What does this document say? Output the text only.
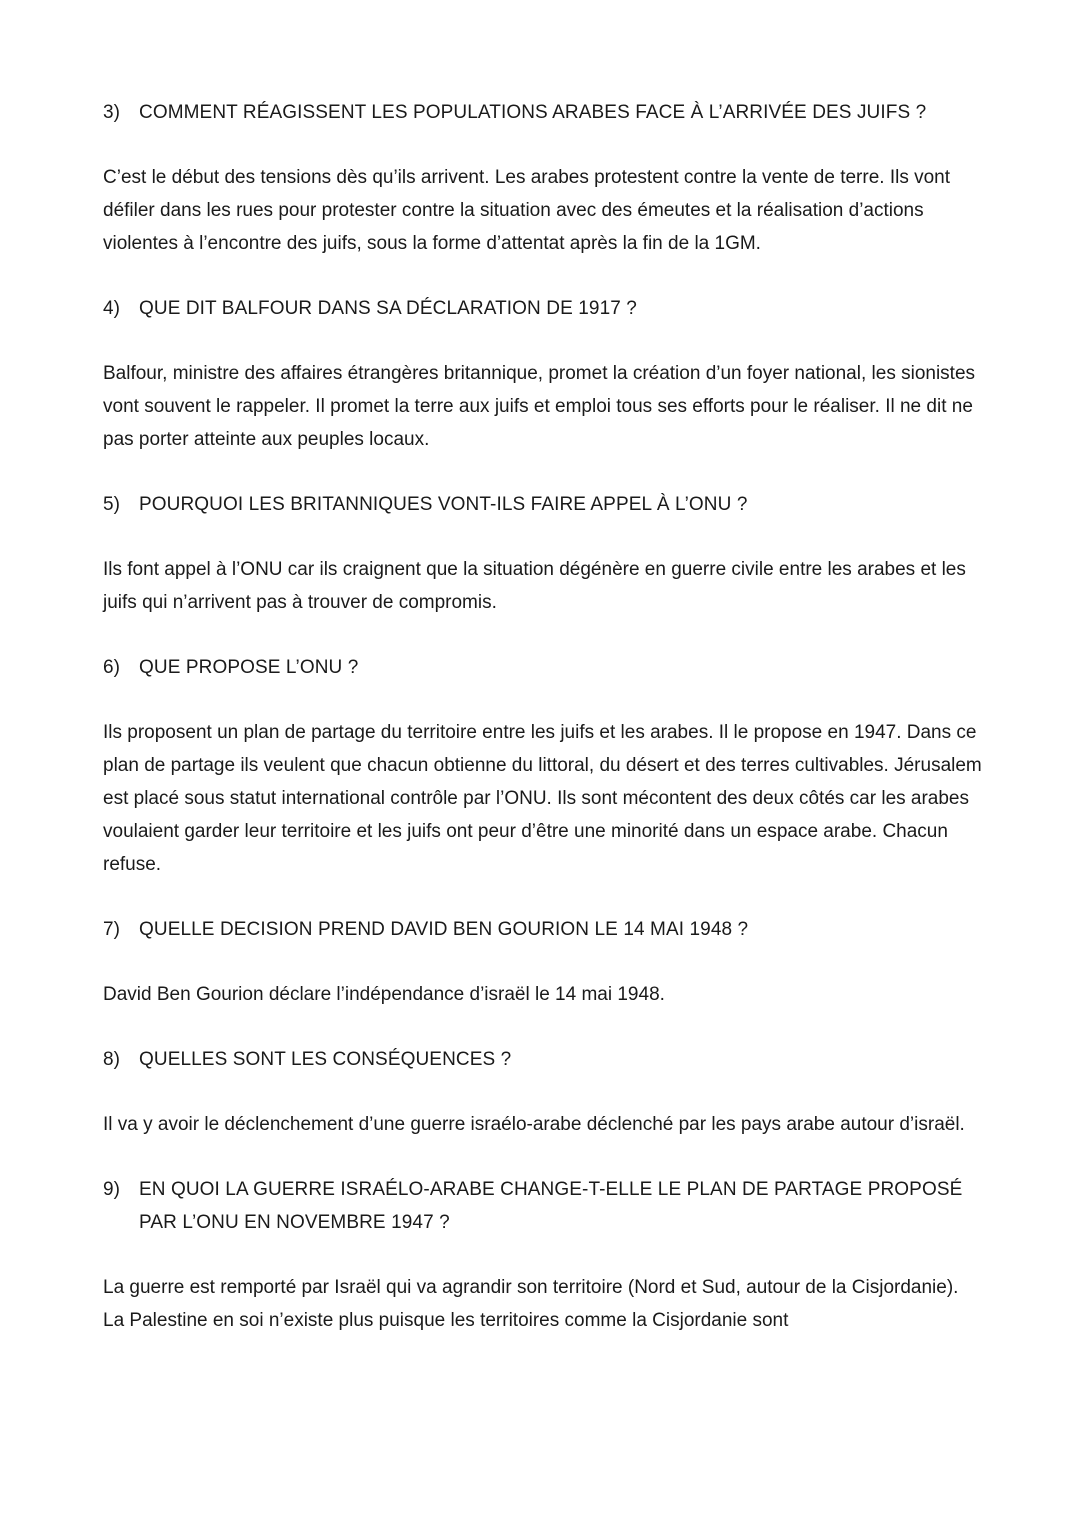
3) COMMENT RÉAGISSENT LES POPULATIONS ARABES FACE À L’ARRIVÉE DES JUIFS ?

C’est le début des tensions dès qu’ils arrivent. Les arabes protestent contre la vente de terre. Ils vont défiler dans les rues pour protester contre la situation avec des émeutes et la réalisation d’actions violentes à l’encontre des juifs, sous la forme d’attentat après la fin de la 1GM.

4) QUE DIT BALFOUR DANS SA DÉCLARATION DE 1917 ?

Balfour, ministre des affaires étrangères britannique, promet la création d’un foyer national, les sionistes vont souvent le rappeler. Il promet la terre aux juifs et emploi tous ses efforts pour le réaliser. Il ne dit ne pas porter atteinte aux peuples locaux.

5) POURQUOI LES BRITANNIQUES VONT-ILS FAIRE APPEL À L’ONU ?

Ils font appel à l’ONU car ils craignent que la situation dégénère en guerre civile entre les arabes et les juifs qui n’arrivent pas à trouver de compromis.

6) QUE PROPOSE L’ONU ?

Ils proposent un plan de partage du territoire entre les juifs et les arabes. Il le propose en 1947. Dans ce plan de partage ils veulent que chacun obtienne du littoral, du désert et des terres cultivables. Jérusalem est placé sous statut international contrôle par l’ONU. Ils sont mécontent des deux côtés car les arabes voulaient garder leur territoire et les juifs ont peur d’être une minorité dans un espace arabe. Chacun refuse.

7) QUELLE DECISION PREND DAVID BEN GOURION LE 14 MAI 1948 ?

David Ben Gourion déclare l’indépendance d’israël le 14 mai 1948.

8) QUELLES SONT LES CONSÉQUENCES ?

Il va y avoir le déclenchement d’une guerre israélo-arabe déclenché par les pays arabe autour d’israël.

9) EN QUOI LA GUERRE ISRAÉLO-ARABE CHANGE-T-ELLE LE PLAN DE PARTAGE PROPOSÉ PAR L’ONU EN NOVEMBRE 1947 ?

La guerre est remporté par Israël qui va agrandir son territoire (Nord et Sud, autour de la Cisjordanie). La Palestine en soi n’existe plus puisque les territoires comme la Cisjordanie sont
